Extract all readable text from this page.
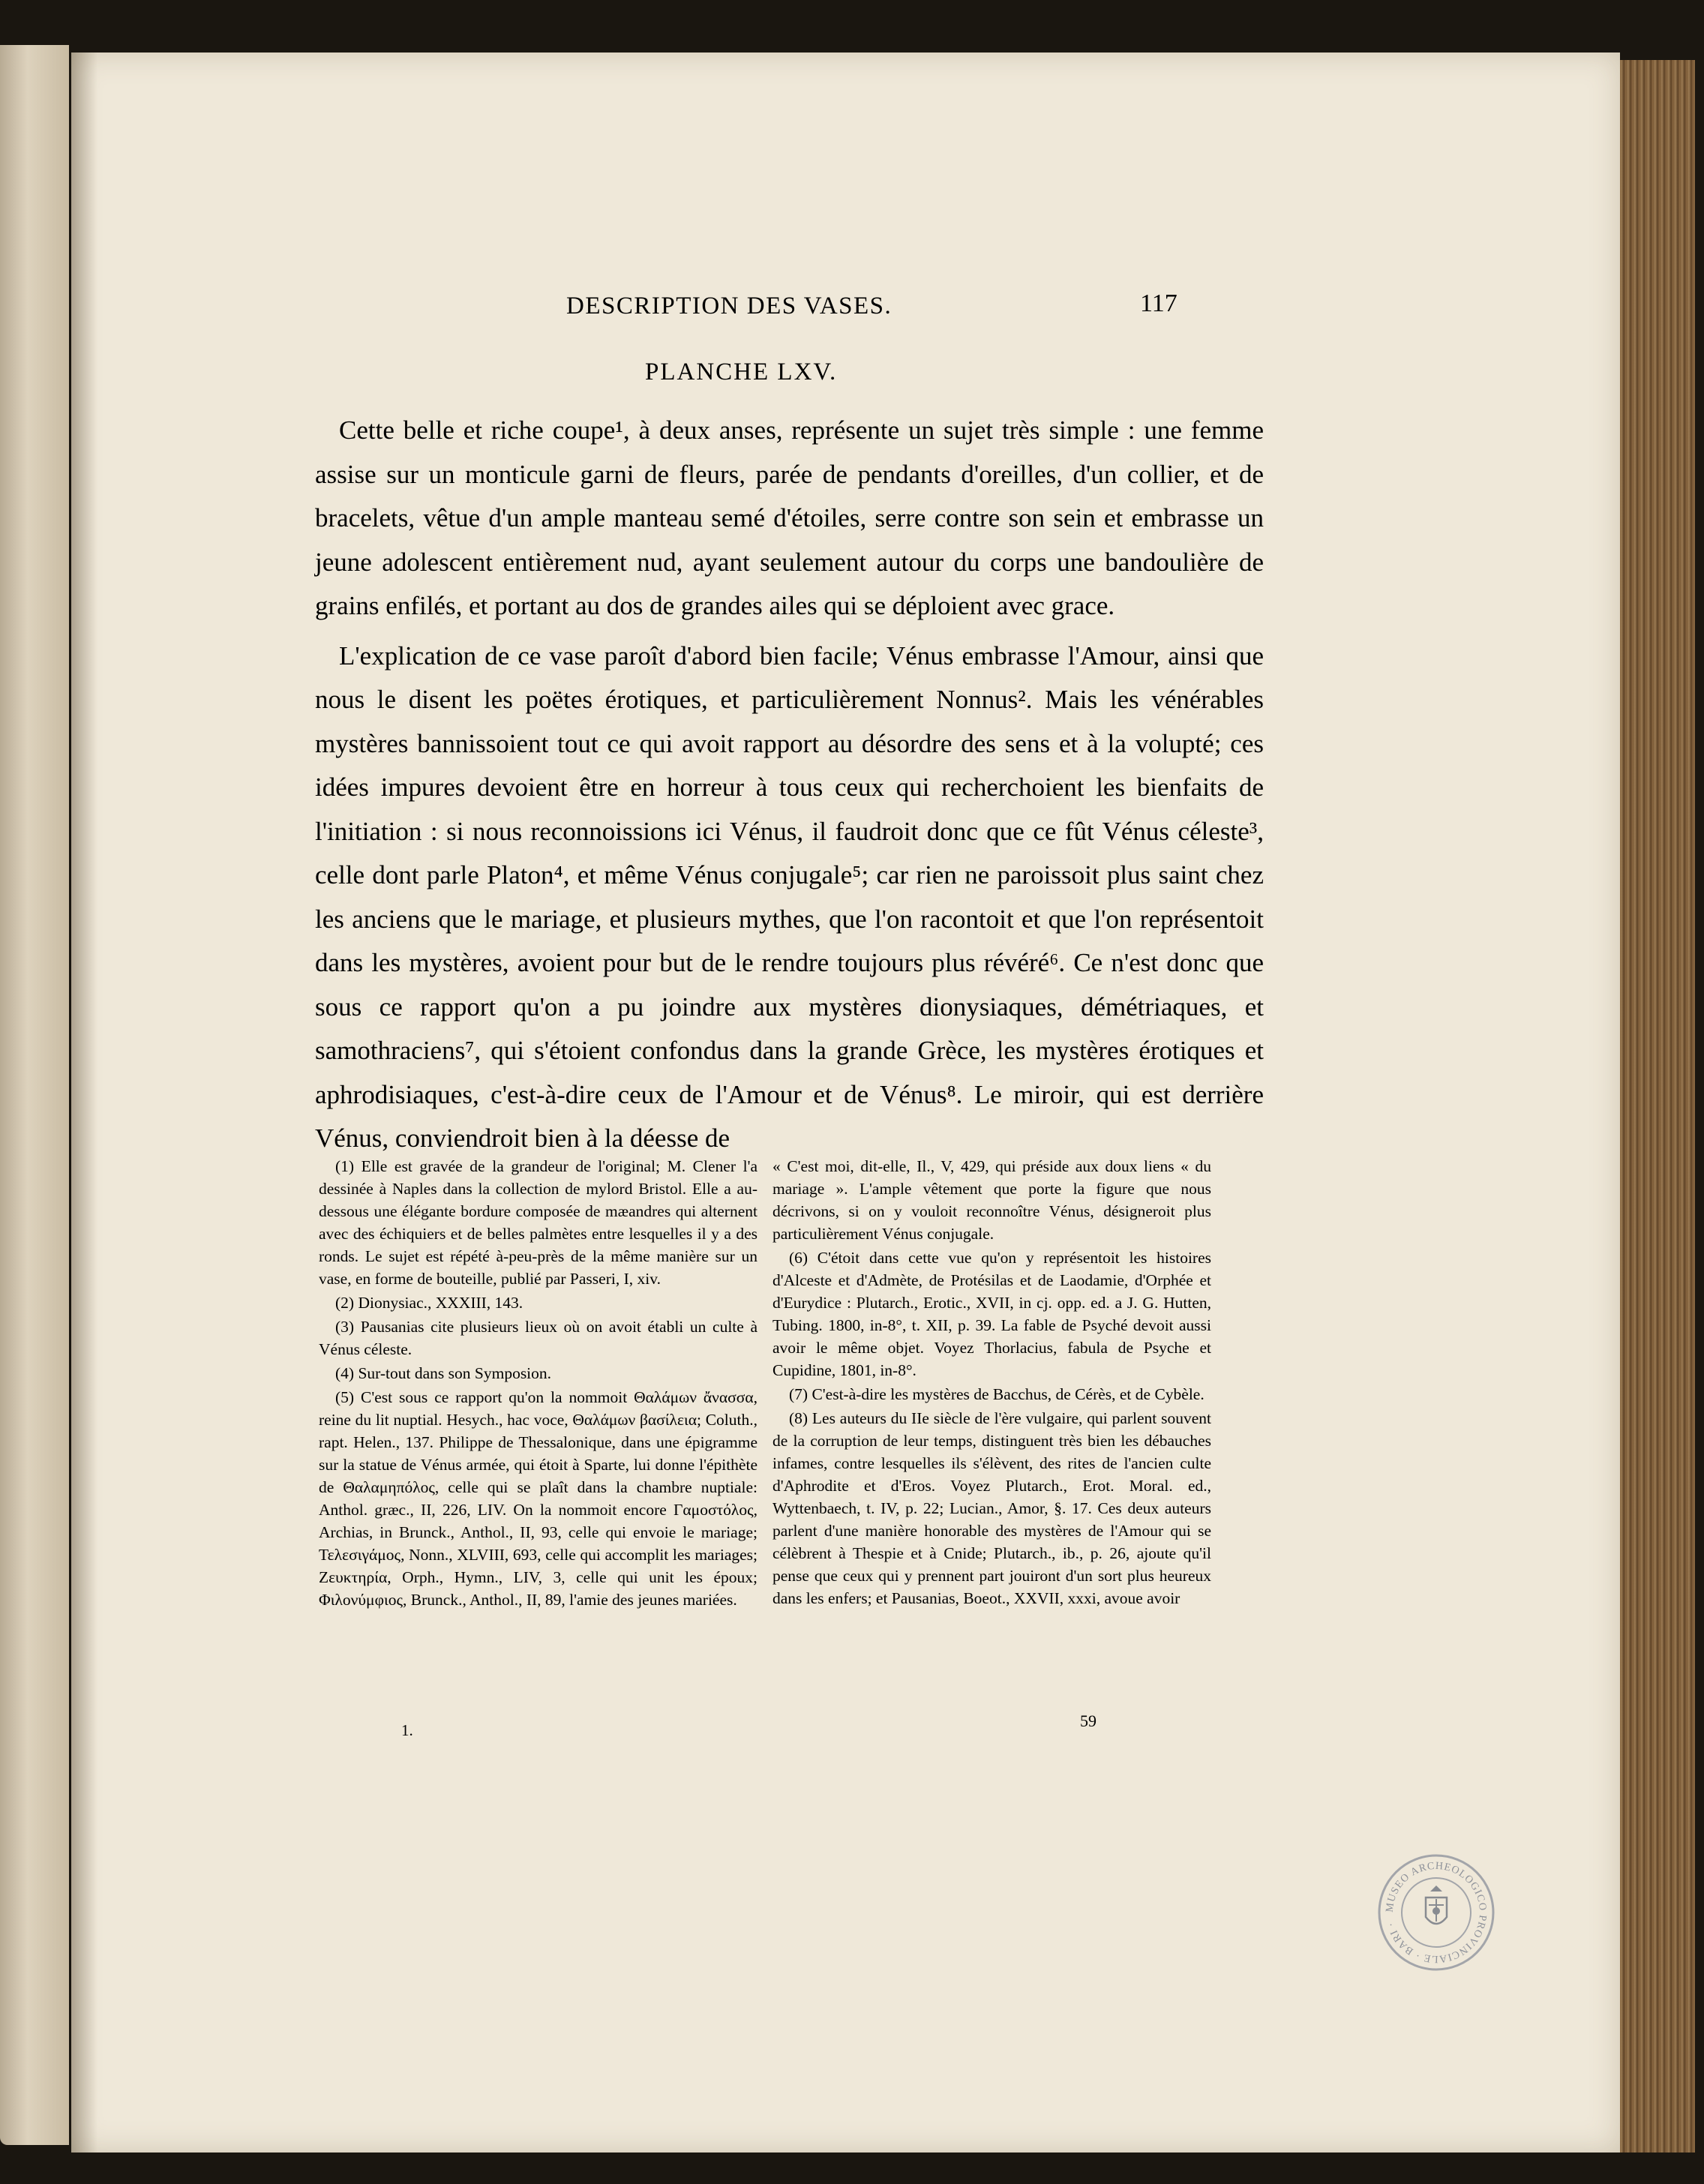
DESCRIPTION DES VASES.	117
PLANCHE LXV.

Cette belle et riche coupe¹, à deux anses, représente un sujet très simple : une femme assise sur un monticule garni de fleurs, parée de pendants d'oreilles, d'un collier, et de bracelets, vêtue d'un ample manteau semé d'étoiles, serre contre son sein et embrasse un jeune adolescent entièrement nud, ayant seulement autour du corps une bandoulière de grains enfilés, et portant au dos de grandes ailes qui se déploient avec grace.

L'explication de ce vase paroît d'abord bien facile; Vénus embrasse l'Amour, ainsi que nous le disent les poëtes érotiques, et particulièrement Nonnus². Mais les vénérables mystères bannissoient tout ce qui avoit rapport au désordre des sens et à la volupté; ces idées impures devoient être en horreur à tous ceux qui recherchoient les bienfaits de l'initiation : si nous reconnoissions ici Vénus, il faudroit donc que ce fût Vénus céleste³, celle dont parle Platon⁴, et même Vénus conjugale⁵; car rien ne paroissoit plus saint chez les anciens que le mariage, et plusieurs mythes, que l'on racontoit et que l'on représentoit dans les mystères, avoient pour but de le rendre toujours plus révéré⁶. Ce n'est donc que sous ce rapport qu'on a pu joindre aux mystères dionysiaques, démétriaques, et samothraciens⁷, qui s'étoient confondus dans la grande Grèce, les mystères érotiques et aphrodisiaques, c'est-à-dire ceux de l'Amour et de Vénus⁸. Le miroir, qui est derrière Vénus, conviendroit bien à la déesse de

(1) Elle est gravée de la grandeur de l'original; M. Clener l'a dessinée à Naples dans la collection de mylord Bristol. Elle a au-dessous une élégante bordure composée de mæandres qui alternent avec des échiquiers et de belles palmètes entre lesquelles il y a des ronds. Le sujet est répété à-peu-près de la même manière sur un vase, en forme de bouteille, publié par Passeri, I, xiv.

(2) Dionysiac., XXXIII, 143.

(3) Pausanias cite plusieurs lieux où on avoit établi un culte à Vénus céleste.

(4) Sur-tout dans son Symposion.

(5) C'est sous ce rapport qu'on la nommoit Θαλάμων ἄνασσα, reine du lit nuptial. Hesych., hac voce, Θαλάμων βασίλεια; Coluth., rapt. Helen., 137. Philippe de Thessalonique, dans une épigramme sur la statue de Vénus armée, qui étoit à Sparte, lui donne l'épithète de Θαλαμηπόλος, celle qui se plaît dans la chambre nuptiale: Anthol. græc., II, 226, LIV. On la nommoit encore Γαμοστόλος, Archias, in Brunck., Anthol., II, 93, celle qui envoie le mariage; Τελεσιγάμος, Nonn., XLVIII, 693, celle qui accomplit les mariages; Ζευκτηρία, Orph., Hymn., LIV, 3, celle qui unit les époux; Φιλονύμφιος, Brunck., Anthol., II, 89, l'amie des jeunes mariées.

« C'est moi, dit-elle, Il., V, 429, qui préside aux doux liens « du mariage ». L'ample vêtement que porte la figure que nous décrivons, si on y vouloit reconnoître Vénus, désigneroit plus particulièrement Vénus conjugale.

(6) C'étoit dans cette vue qu'on y représentoit les histoires d'Alceste et d'Admète, de Protésilas et de Laodamie, d'Orphée et d'Eurydice : Plutarch., Erotic., XVII, in cj. opp. ed. a J. G. Hutten, Tubing. 1800, in-8°, t. XII, p. 39. La fable de Psyché devoit aussi avoir le même objet. Voyez Thorlacius, fabula de Psyche et Cupidine, 1801, in-8°.

(7) C'est-à-dire les mystères de Bacchus, de Cérès, et de Cybèle.

(8) Les auteurs du IIe siècle de l'ère vulgaire, qui parlent souvent de la corruption de leur temps, distinguent très bien les débauches infames, contre lesquelles ils s'élèvent, des rites de l'ancien culte d'Aphrodite et d'Eros. Voyez Plutarch., Erot. Moral. ed., Wyttenbaech, t. IV, p. 22; Lucian., Amor, §. 17. Ces deux auteurs parlent d'une manière honorable des mystères de l'Amour qui se célèbrent à Thespie et à Cnide; Plutarch., ib., p. 26, ajoute qu'il pense que ceux qui y prennent part jouiront d'un sort plus heureux dans les enfers; et Pausanias, Boeot., XXVII, xxxi, avoue avoir

1.	59
MUSEO ARCHEOLOGICO PROVINCIALE · BARI ·
